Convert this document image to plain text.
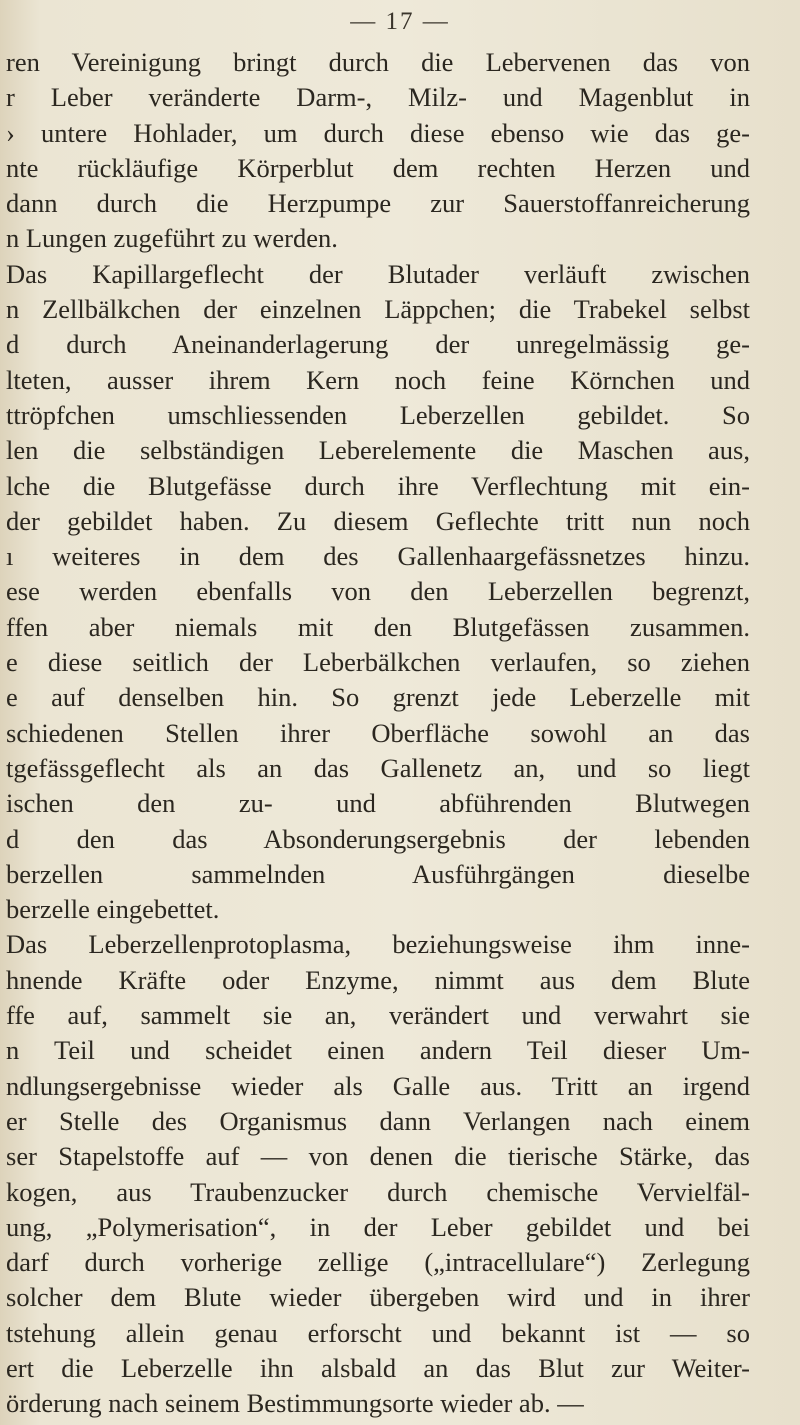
— 17 —
ren Vereinigung bringt durch die Lebervenen das von
r Leber veränderte Darm-, Milz- und Magenblut in
› untere Hohlader, um durch diese ebenso wie das ge-
nte rückläufige Körperblut dem rechten Herzen und
dann durch die Herzpumpe zur Sauerstoffanreicherung
n Lungen zugeführt zu werden.
Das Kapillargeflecht der Blutader verläuft zwischen
n Zellbälkchen der einzelnen Läppchen; die Trabekel selbst
d durch Aneinanderlagerung der unregelmässig ge-
lteten, ausser ihrem Kern noch feine Körnchen und
ttröpfchen umschliessenden Leberzellen gebildet. So
len die selbständigen Leberelemente die Maschen aus,
lche die Blutgefässe durch ihre Verflechtung mit ein-
der gebildet haben. Zu diesem Geflechte tritt nun noch
ı weiteres in dem des Gallenhaargefässnetzes hinzu.
ese werden ebenfalls von den Leberzellen begrenzt,
ffen aber niemals mit den Blutgefässen zusammen.
e diese seitlich der Leberbälkchen verlaufen, so ziehen
e auf denselben hin. So grenzt jede Leberzelle mit
schiedenen Stellen ihrer Oberfläche sowohl an das
tgefässgeflecht als an das Gallenetz an, und so liegt
ischen den zu- und abführenden Blutwegen
d den das Absonderungsergebnis der lebenden
berzellen sammelnden Ausführgängen dieselbe
berzelle eingebettet.
Das Leberzellenprotoplasma, beziehungsweise ihm inne-
hnende Kräfte oder Enzyme, nimmt aus dem Blute
ffe auf, sammelt sie an, verändert und verwahrt sie
n Teil und scheidet einen andern Teil dieser Um-
ndlungsergebnisse wieder als Galle aus. Tritt an irgend
er Stelle des Organismus dann Verlangen nach einem
ser Stapelstoffe auf — von denen die tierische Stärke, das
kogen, aus Traubenzucker durch chemische Vervielfäl-
ung, „Polymerisation“, in der Leber gebildet und bei
darf durch vorherige zellige („intracellulare“) Zerlegung
solcher dem Blute wieder übergeben wird und in ihrer
tstehung allein genau erforscht und bekannt ist — so
ert die Leberzelle ihn alsbald an das Blut zur Weiter-
örderung nach seinem Bestimmungsorte wieder ab. —
